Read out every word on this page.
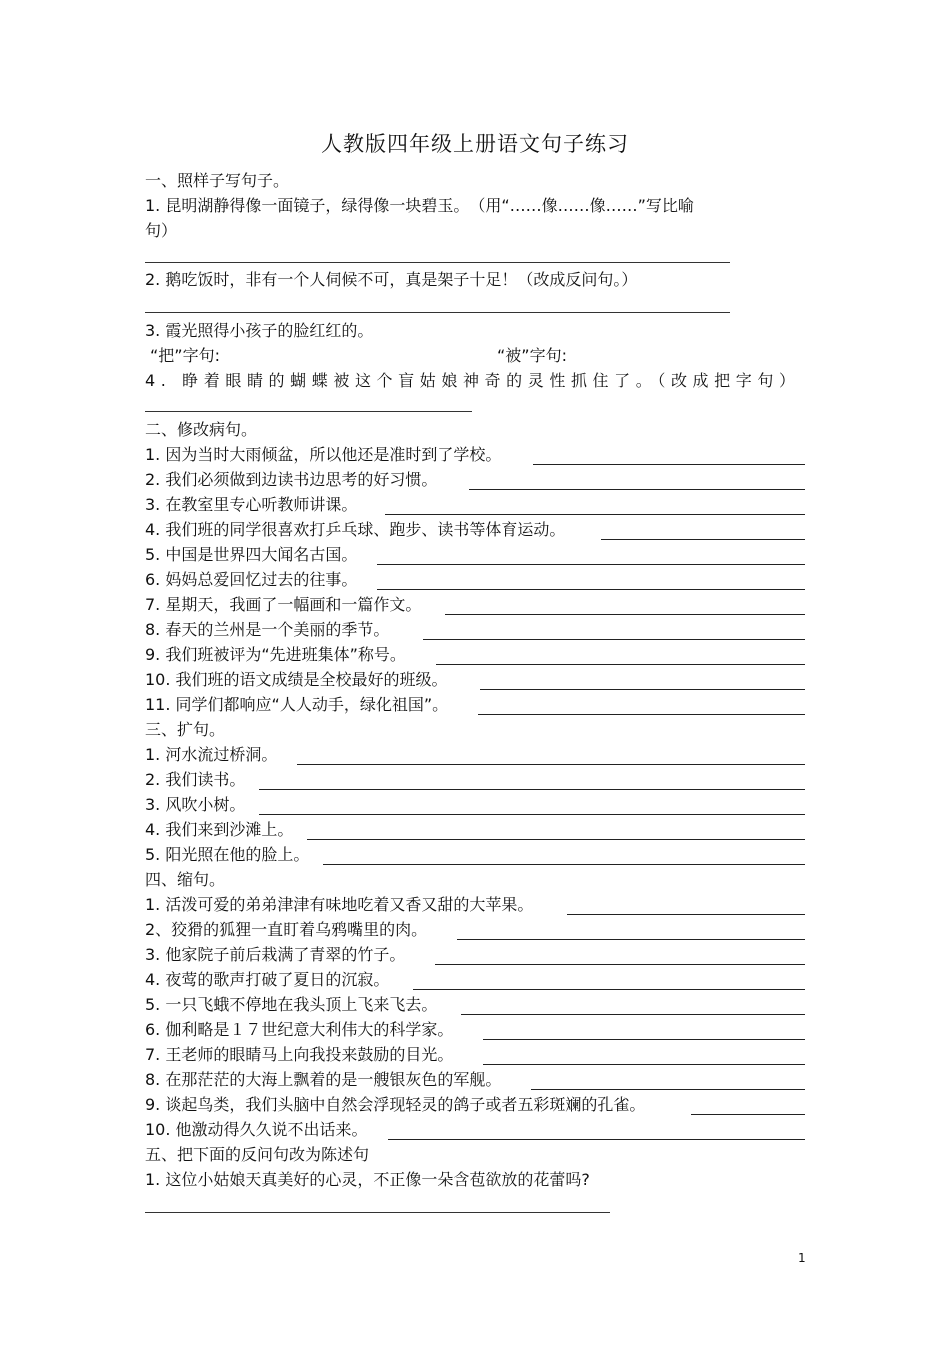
人教版四年级上册语文句子练习
一、照样子写句子。
1. 昆明湖静得像一面镜子，绿得像一块碧玉。　（用“……像……像……”写比喻
句）
2. 鹅吃饭时，非有一个人伺候不可，真是架子十足！（改成反问句。）
3. 霞光照得小孩子的脸红红的。
“把”字句:	“被”字句:
4. 睁着眼睛的蝴蝶被这个盲姑娘神奇的灵性抓住了。（改成把字句）
二、修改病句。
1. 因为当时大雨倾盆，所以他还是准时到了学校。
2. 我们必须做到边读书边思考的好习惯。
3. 在教室里专心听教师讲课。
4. 我们班的同学很喜欢打乒乓球、跑步、读书等体育运动。
5. 中国是世界四大闻名古国。
6. 妈妈总爱回忆过去的往事。
7. 星期天，我画了一幅画和一篇作文。
8. 春天的兰州是一个美丽的季节。
9. 我们班被评为“先进班集体”称号。
10. 我们班的语文成绩是全校最好的班级。
11. 同学们都响应“人人动手，绿化祖国”。
三、扩句。
1. 河水流过桥洞。
2. 我们读书。
3. 风吹小树。
4. 我们来到沙滩上。
5. 阳光照在他的脸上。
四、缩句。
1. 活泼可爱的弟弟津津有味地吃着又香又甜的大苹果。
2、狡猾的狐狸一直盯着乌鸦嘴里的肉。
3. 他家院子前后栽满了青翠的竹子。
4. 夜莺的歌声打破了夏日的沉寂。
5. 一只飞蛾不停地在我头顶上飞来飞去。
6. 伽利略是１７世纪意大利伟大的科学家。
7. 王老师的眼睛马上向我投来鼓励的目光。
8. 在那茫茫的大海上飘着的是一艘银灰色的军舰。
9. 谈起鸟类，我们头脑中自然会浮现轻灵的鸽子或者五彩斑斓的孔雀。
10. 他激动得久久说不出话来。
五、把下面的反问句改为陈述句
1. 这位小姑娘天真美好的心灵，不正像一朵含苞欲放的花蕾吗?
1
